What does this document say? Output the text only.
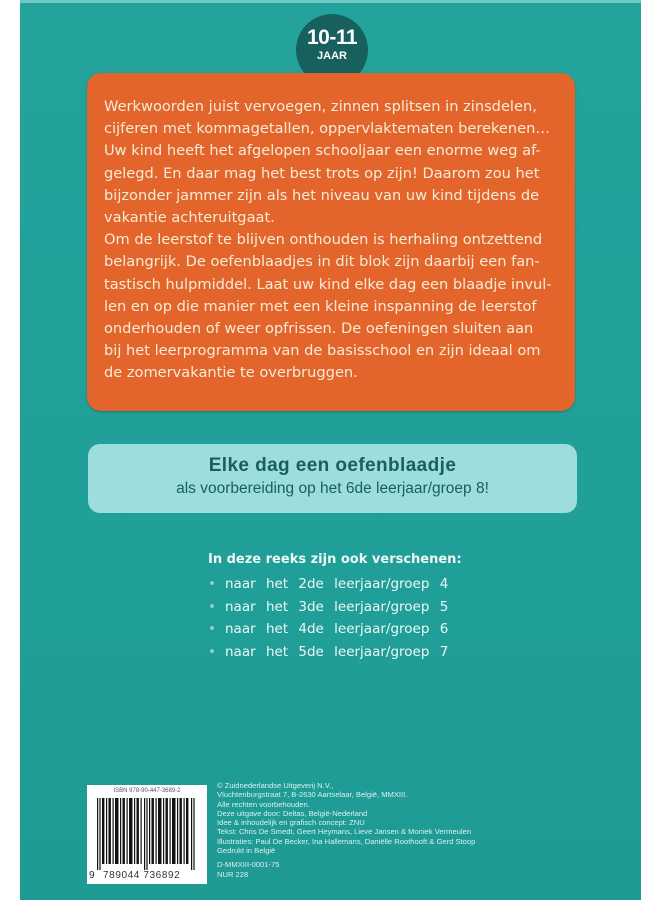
10-11
JAAR

Werkwoorden juist vervoegen, zinnen splitsen in zinsdelen,
cijferen met kommagetallen, oppervlaktematen berekenen…
Uw kind heeft het afgelopen schooljaar een enorme weg af-
gelegd. En daar mag het best trots op zijn! Daarom zou het
bijzonder jammer zijn als het niveau van uw kind tijdens de
vakantie achteruitgaat.
Om de leerstof te blijven onthouden is herhaling ontzettend
belangrijk. De oefenblaadjes in dit blok zijn daarbij een fan-
tastisch hulpmiddel. Laat uw kind elke dag een blaadje invul-
len en op die manier met een kleine inspanning de leerstof
onderhouden of weer opfrissen. De oefeningen sluiten aan
bij het leerprogramma van de basisschool en zijn ideaal om
de zomervakantie te overbruggen.

Elke dag een oefenblaadje
als voorbereiding op het 6de leerjaar/groep 8!
In deze reeks zijn ook verschenen:
• naar het 2de leerjaar/groep 4
• naar het 3de leerjaar/groep 5
• naar het 4de leerjaar/groep 6
• naar het 5de leerjaar/groep 7
ISBN 978-90-447-3689-2
9 789044 736892
© Zuidnederlandse Uitgeverij N.V.,
Vluchtenburgstraat 7, B-2630 Aartselaar, België, MMXIII.
Alle rechten voorbehouden.
Deze uitgave door: Deltas, België-Nederland
Idee & inhoudelijk en grafisch concept: ZNU
Tekst: Chris De Smedt, Geert Heymans, Lieve Jansen & Moniek Vermeulen
Illustraties: Paul De Becker, Ina Hallemans, Daniëlle Roothooft & Gerd Stoop
Gedrukt in België
D-MMXIII-0001-75
NUR 228
